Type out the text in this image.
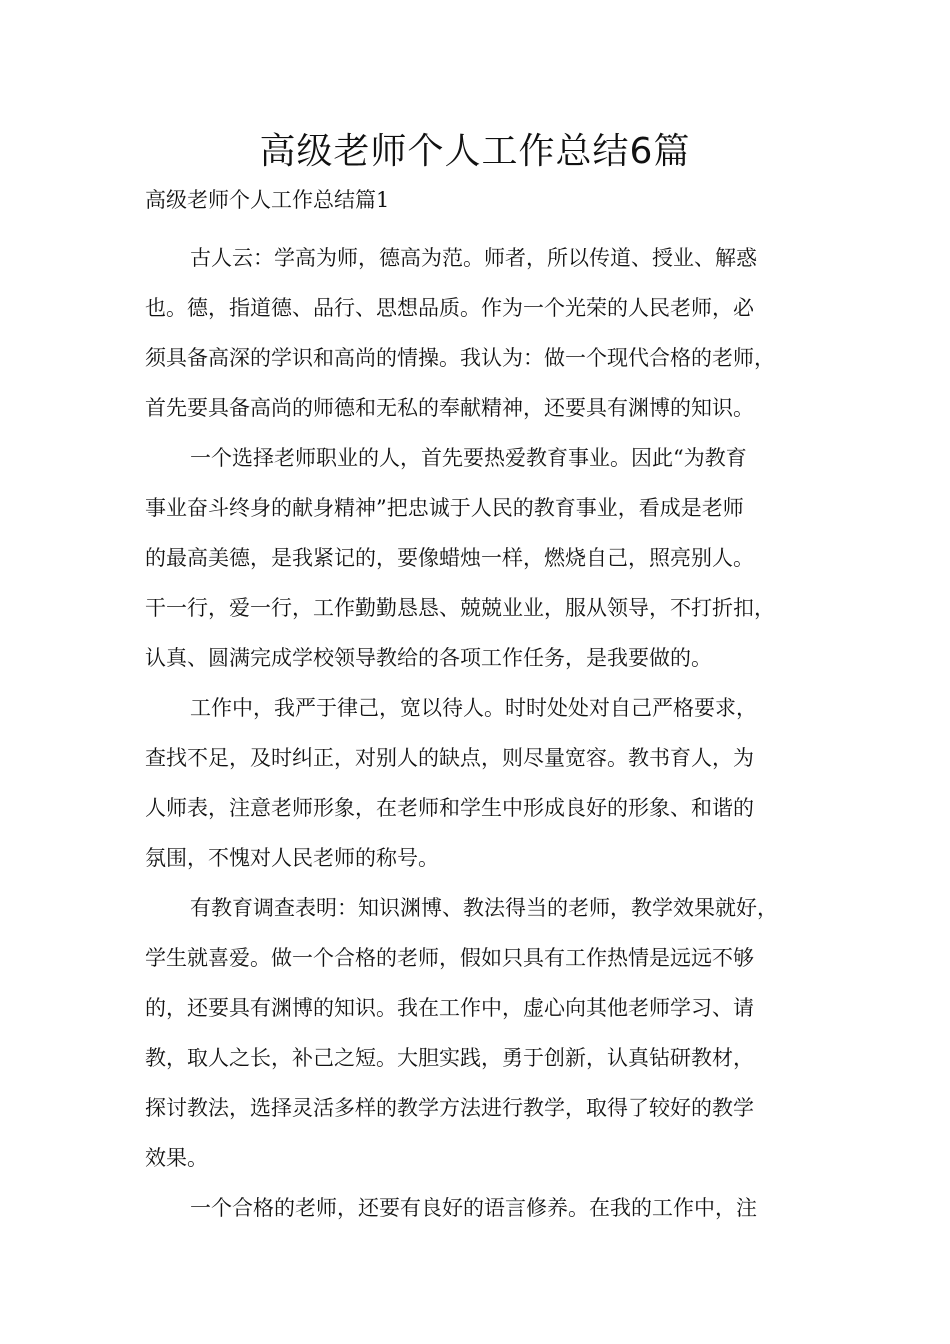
高级老师个人工作总结6篇
高级老师个人工作总结篇1
古人云：学高为师，德高为范。师者，所以传道、授业、解惑
也。德，指道德、品行、思想品质。作为一个光荣的人民老师，必
须具备高深的学识和高尚的情操。我认为：做一个现代合格的老师，
首先要具备高尚的师德和无私的奉献精神，还要具有渊博的知识。
一个选择老师职业的人，首先要热爱教育事业。因此“为教育
事业奋斗终身的献身精神”把忠诚于人民的教育事业，看成是老师
的最高美德，是我紧记的，要像蜡烛一样，燃烧自己，照亮别人。
干一行，爱一行，工作勤勤恳恳、兢兢业业，服从领导，不打折扣，
认真、圆满完成学校领导教给的各项工作任务，是我要做的。
工作中，我严于律己，宽以待人。时时处处对自己严格要求，
查找不足，及时纠正，对别人的缺点，则尽量宽容。教书育人，为
人师表，注意老师形象，在老师和学生中形成良好的形象、和谐的
氛围，不愧对人民老师的称号。
有教育调查表明：知识渊博、教法得当的老师，教学效果就好，
学生就喜爱。做一个合格的老师，假如只具有工作热情是远远不够
的，还要具有渊博的知识。我在工作中，虚心向其他老师学习、请
教，取人之长，补己之短。大胆实践，勇于创新，认真钻研教材，
探讨教法，选择灵活多样的教学方法进行教学，取得了较好的教学
效果。
一个合格的老师，还要有良好的语言修养。在我的工作中，注
